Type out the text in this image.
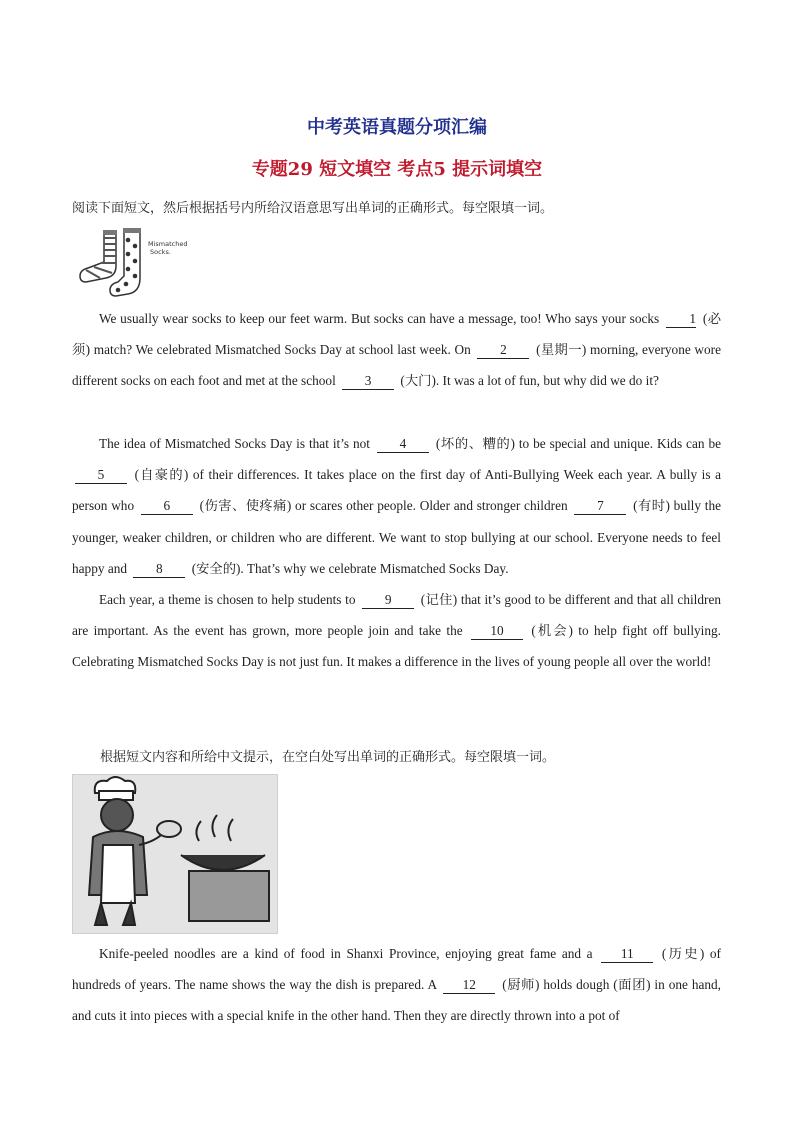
中考英语真题分项汇编
专题29 短文填空 考点5 提示词填空
阅读下面短文，然后根据括号内所给汉语意思写出单词的正确形式。每空限填一词。
Mismatched
Socks.
We usually wear socks to keep our feet warm. But socks can have a message, too! Who says your socks 1 (必须) match? We celebrated Mismatched Socks Day at school last week. On 2 (星期一) morning, everyone wore different socks on each foot and met at the school 3 (大门). It was a lot of fun, but why did we do it?
The idea of Mismatched Socks Day is that it’s not 4 (坏的、糟的) to be special and unique. Kids can be 5 (自豪的) of their differences. It takes place on the first day of Anti-Bullying Week each year. A bully is a person who 6 (伤害、使疼痛) or scares other people. Older and stronger children 7 (有时) bully the younger, weaker children, or children who are different. We want to stop bullying at our school. Everyone needs to feel happy and 8 (安全的). That’s why we celebrate Mismatched Socks Day.
Each year, a theme is chosen to help students to 9 (记住) that it’s good to be different and that all children are important. As the event has grown, more people join and take the 10 (机会) to help fight off bullying. Celebrating Mismatched Socks Day is not just fun. It makes a difference in the lives of young people all over the world!
根据短文内容和所给中文提示，在空白处写出单词的正确形式。每空限填一词。
Knife-peeled noodles are a kind of food in Shanxi Province, enjoying great fame and a 11 (历史) of hundreds of years. The name shows the way the dish is prepared. A 12 (厨师) holds dough (面团) in one hand, and cuts it into pieces with a special knife in the other hand. Then they are directly thrown into a pot of
